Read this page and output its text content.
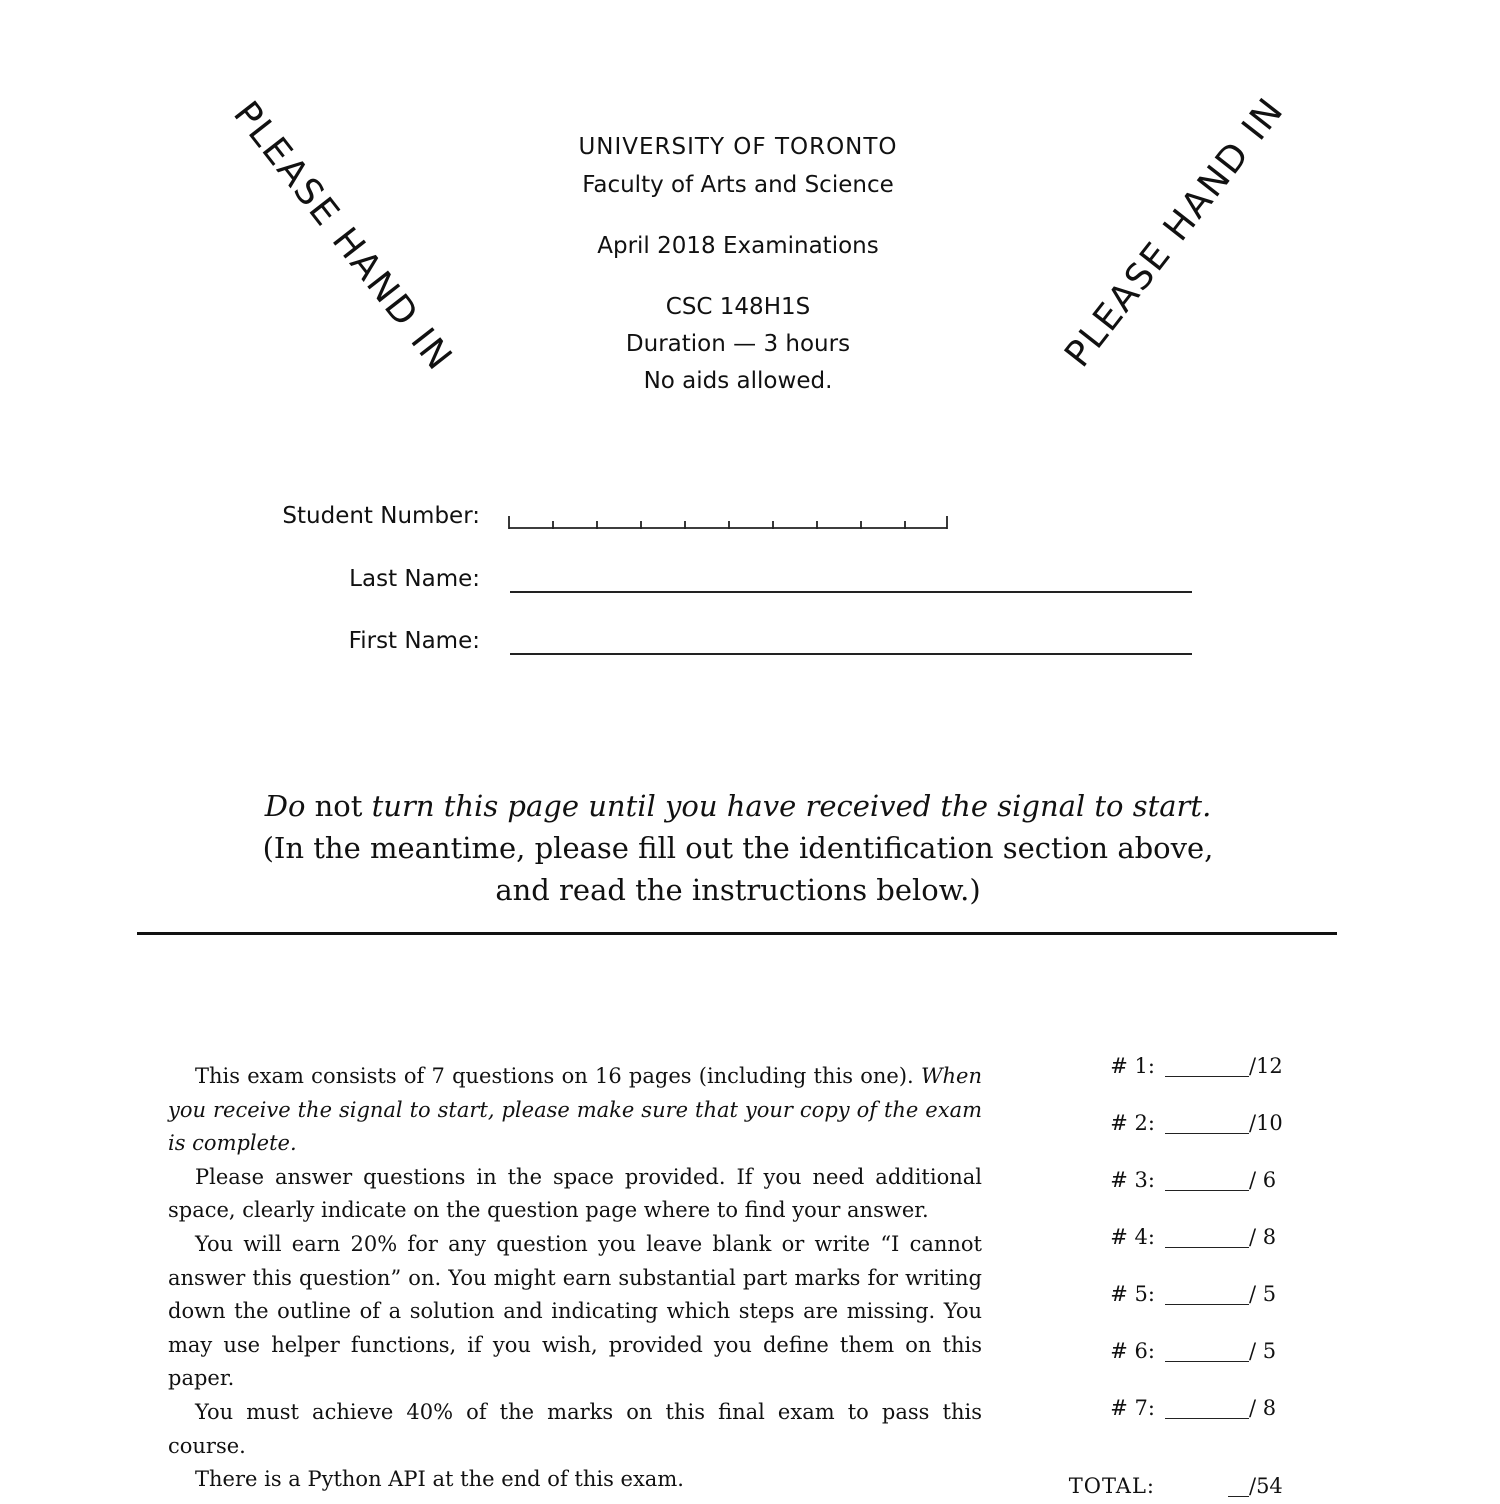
PLEASE HAND IN	PLEASE HAND IN
UNIVERSITY OF TORONTO
Faculty of Arts and Science
April 2018 Examinations
CSC 148H1S
Duration — 3 hours
No aids allowed.
Student Number:
Last Name:
First Name:
Do not turn this page until you have received the signal to start.
(In the meantime, please fill out the identification section above,
and read the instructions below.)

This exam consists of 7 questions on 16 pages (including this one). When you receive the signal to start, please make sure that your copy of the exam is complete.

Please answer questions in the space provided. If you need additional space, clearly indicate on the question page where to find your answer.

You will earn 20% for any question you leave blank or write “I cannot answer this question” on. You might earn substantial part marks for writing down the outline of a solution and indicating which steps are missing. You may use helper functions, if you wish, provided you define them on this paper.

You must achieve 40% of the marks on this final exam to pass this course.

There is a Python API at the end of this exam.

# 1:	/12
# 2:	/10
# 3:	/ 6
# 4:	/ 8
# 5:	/ 5
# 6:	/ 5
# 7:	/ 8
TOTAL:	/54
